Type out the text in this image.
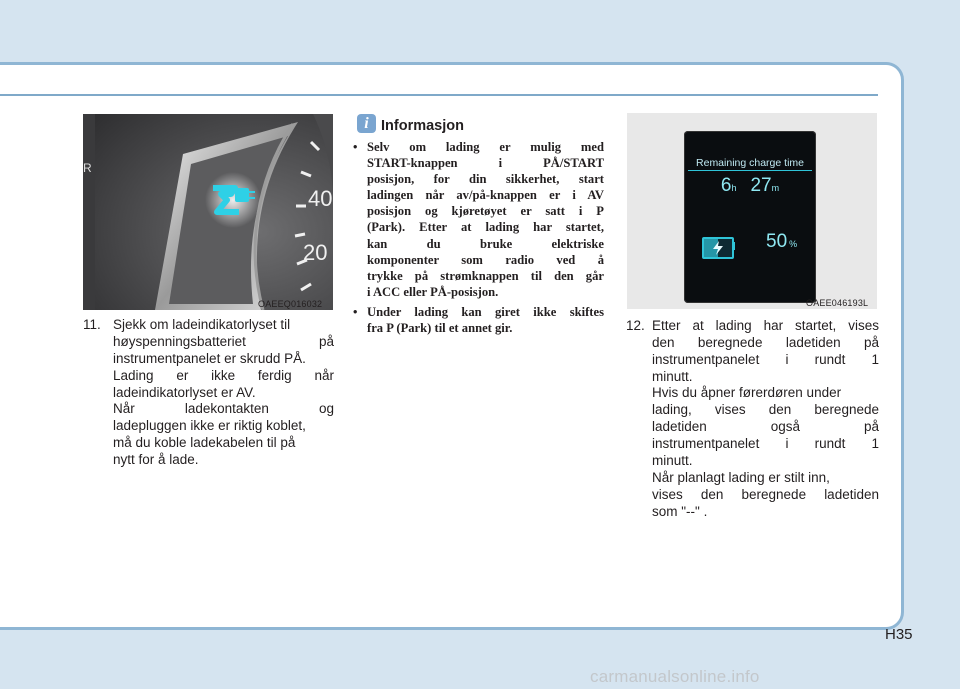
40
20
R
OAEEQ016032
11. Sjekk om ladeindikatorlyset til
høyspenningsbatteriet på
instrumentpanelet er skrudd PÅ.
Lading er ikke ferdig når
ladeindikatorlyset er AV.
Når ladekontakten og
ladepluggen ikke er riktig koblet,
må du koble ladekabelen til på
nytt for å lade.
i Informasjon
• Selv om lading er mulig med
START-knappen i PÅ/START
posisjon, for din sikkerhet, start
ladingen når av/på-knappen er i AV
posisjon og kjøretøyet er satt i P
(Park). Etter at lading har startet,
kan du bruke elektriske
komponenter som radio ved å
trykke på strømknappen til den går
i ACC eller PÅ-posisjon.
• Under lading kan giret ikke skiftes
fra P (Park) til et annet gir.
Remaining charge time
6h 27m
50 %
OAEE046193L
12. Etter at lading har startet, vises
den beregnede ladetiden på
instrumentpanelet i rundt 1
minutt.
Hvis du åpner førerdøren under
lading, vises den beregnede
ladetiden også på
instrumentpanelet i rundt 1
minutt.
Når planlagt lading er stilt inn,
vises den beregnede ladetiden
som "--" .
H35
carmanualsonline.info
